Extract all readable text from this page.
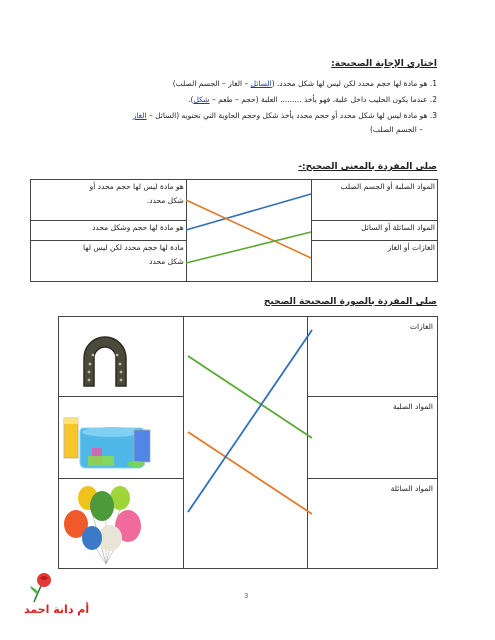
اختاري الإجابة الصحيحة:
1. هو مادة لها حجم محدد لكن ليس لها شكل محدد. (السائل – الغاز – الجسم الصلب)
2. عندما يكون الحليب داخل علبة، فهو يأخذ ......... العلبة (حجم – طعم – شكل).
3. هو مادة ليس لها شكل محدد أو حجم محدد يأخذ شكل وحجم الحاوية التي تحتويه (السائل – الغاز
– الجسم الصلب)
صلي المفردة بالمعنى الصحيح:-
هو مادة ليس لها حجم محدد أو
شكل محدد.		المواد الصلبة أو الجسم الصلب

هو مادة لها حجم وشكل محدد		المواد السائلة أو السائل

مادة لها حجم محدد لكن ليس لها
شكل محدد		الغازات أو الغاز
صلي المفردة بالصورة الصحيحة الصحيح
		الغازات
		المواد الصلبة
		المواد السائلة
3
أم دانة احمد
